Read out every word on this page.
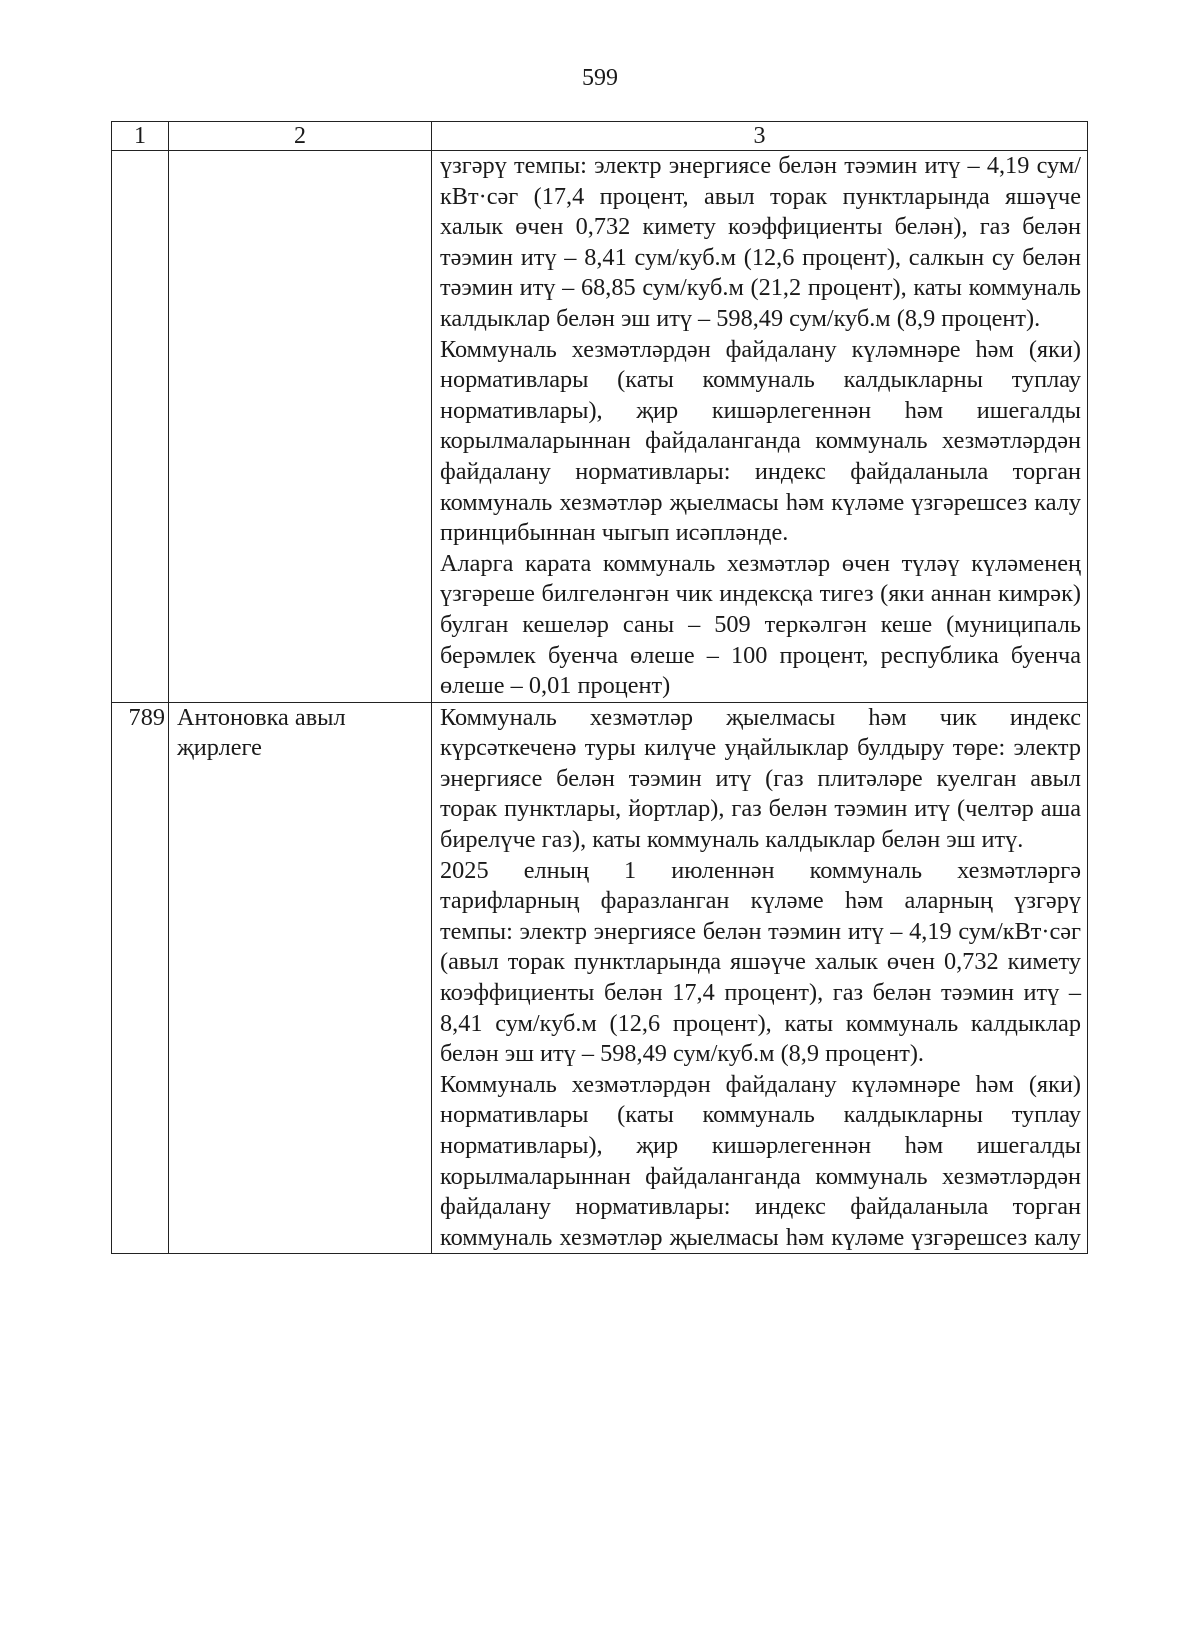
599
1	2	3

		үзгәрү темпы: электр энергиясе белән тәэмин итү – 4,19 сум/кВт·сәг (17,4 процент, авыл торак пунктларында яшәүче халык өчен 0,732 кимету коэффициенты белән), газ белән тәэмин итү – 8,41 сум/куб.м (12,6 процент), салкын су белән тәэмин итү – 68,85 сум/куб.м (21,2 процент), каты коммуналь калдыклар белән эш итү – 598,49 сум/куб.м (8,9 процент).

Коммуналь хезмәтләрдән файдалану күләмнәре һәм (яки) нормативлары (каты коммуналь калдыкларны туплау нормативлары), җир кишәрлегеннән һәм ишегалды корылмаларыннан файдаланганда коммуналь хезмәтләрдән файдалану нормативлары: индекс файдаланыла торган коммуналь хезмәтләр җыелмасы һәм күләме үзгәрешсез калу принцибыннан чыгып исәпләнде.

Аларга карата коммуналь хезмәтләр өчен түләү күләменең үзгәреше билгеләнгән чик индексқа тигез (яки аннан кимрәк) булган кешеләр саны – 509 теркәлгән кеше (муниципаль берәмлек буенча өлеше – 100 процент, республика буенча өлеше – 0,01 процент)

789	Антоновка авыл җирлеге	Коммуналь хезмәтләр җыелмасы һәм чик индекс күрсәткеченә туры килүче уңайлыклар булдыру төре: электр энергиясе белән тәэмин итү (газ плитәләре куелган авыл торак пунктлары, йортлар), газ белән тәэмин итү (челтәр аша бирелүче газ), каты коммуналь калдыклар белән эш итү.

2025 елның 1 июленнән коммуналь хезмәтләргә тарифларның фаразланган күләме һәм аларның үзгәрү темпы: электр энергиясе белән тәэмин итү – 4,19 сум/кВт·сәг (авыл торак пунктларында яшәүче халык өчен 0,732 кимету коэффициенты белән 17,4 процент), газ белән тәэмин итү – 8,41 сум/куб.м (12,6 процент), каты коммуналь калдыклар белән эш итү – 598,49 сум/куб.м (8,9 процент).

Коммуналь хезмәтләрдән файдалану күләмнәре һәм (яки) нормативлары (каты коммуналь калдыкларны туплау нормативлары), җир кишәрлегеннән һәм ишегалды корылмаларыннан файдаланганда коммуналь хезмәтләрдән файдалану нормативлары: индекс файдаланыла торган коммуналь хезмәтләр җыелмасы һәм күләме үзгәрешсез калу
